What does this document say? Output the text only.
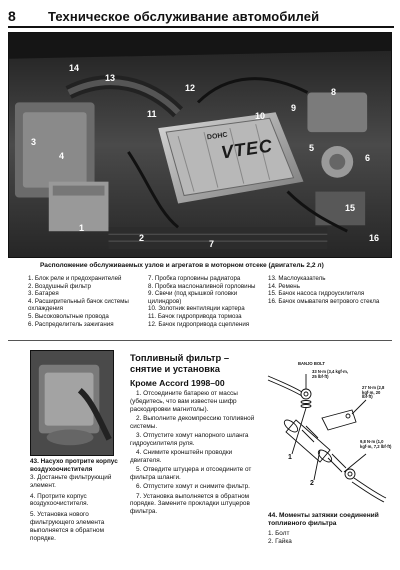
8 Техническое обслуживание автомобилей
DOHC
VTEC
14
13
12
3
4
11	10
9
8
1
2
7
5
6
15
16
Расположение обслуживаемых узлов и агрегатов в моторном отсеке (двигатель 2,2 л)
1. Блок реле и предохранителей
2. Воздушный фильтр
3. Батарея
4. Расширительный бачок системы охлаждения
5. Высоковольтные провода
6. Распределитель зажигания
7. Пробка горловины радиатора
8. Пробка маслоналивной горловины
9. Свечи (под крышкой головки цилиндров)
10. Золотник вентиляции картера
11. Бачок гидропривода тормоза
12. Бачок гидропривода сцепления
13. Маслоуказатель
14. Ремень
15. Бачок насоса гидроусилителя
16. Бачок омывателя ветрового стекла
43. Насухо протрите корпус воздухоочистителя

3. Достаньте фильтрующий элемент.

4. Протрите корпус воздухоочистителя.

5. Установка нового фильтрующего элемента выполняется в обратном порядке.

Топливный фильтр – снятие и установка
Кроме Accord 1998–00

1. Отсоедините батарею от массы (убедитесь, что вам известен шифр раскодировки магнитолы).

2. Выполните декомпрессию топливной системы.

3. Отпустите хомут напорного шланга гидроусилителя руля.

4. Снимите кронштейн проводки двигателя.

5. Отведите штуцера и отсоедините от фильтра шланги.

6. Отпустите хомут и снимите фильтр.

7. Установка выполняется в обратном порядке. Замените прокладки штуцеров фильтра.

BANJO BOLT
33 N·m (3,4 kgf·m, 25 lbf·ft)
27 N·m (2,8 kgf·m, 20 lbf·ft)
9,8 N·m (1,0 kgf·m, 7,2 lbf·ft)
1
2
44. Моменты затяжки соединений топливного фильтра
1. Болт
2. Гайка
